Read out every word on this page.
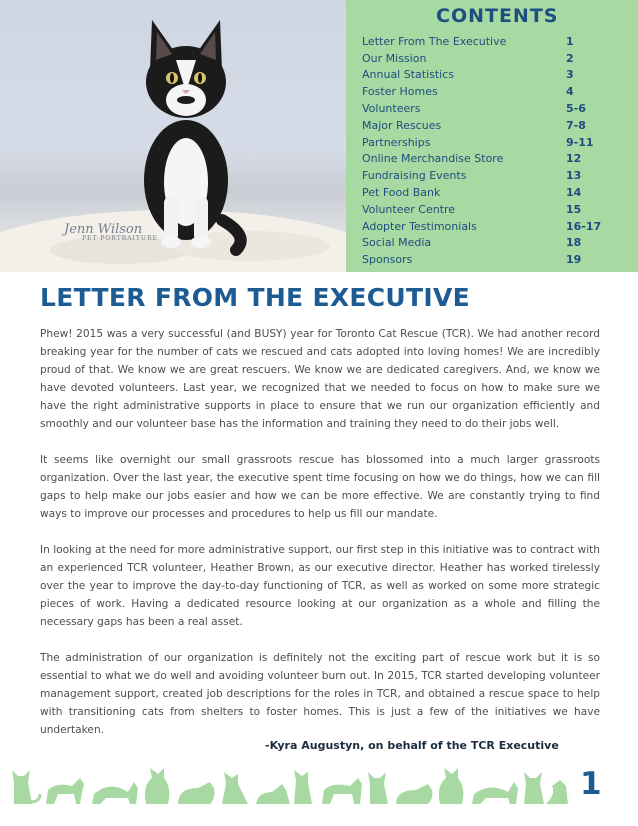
Jenn Wilson
PET PORTRAITURE
CONTENTS
Letter From The Executive	1
Our Mission	2
Annual Statistics	3
Foster Homes	4
Volunteers	5-6
Major Rescues	7-8
Partnerships	9-11
Online Merchandise Store	12
Fundraising Events	13
Pet Food Bank	14
Volunteer Centre	15
Adopter Testimonials	16-17
Social Media	18
Sponsors	19
LETTER FROM THE EXECUTIVE

Phew! 2015 was a very successful (and BUSY) year for Toronto Cat Rescue (TCR). We had another record breaking year for the number of cats we rescued and cats adopted into loving homes! We are incredibly proud of that. We know we are great rescuers. We know we are dedicated caregivers. And, we know we have devoted volunteers. Last year, we recognized that we needed to focus on how to make sure we have the right administrative supports in place to ensure that we run our organization efficiently and smoothly and our volunteer base has the information and training they need to do their jobs well.

It seems like overnight our small grassroots rescue has blossomed into a much larger grassroots organization. Over the last year, the executive spent time focusing on how we do things, how we can fill gaps to help make our jobs easier and how we can be more effective. We are constantly trying to find ways to improve our processes and procedures to help us fill our mandate.

In looking at the need for more administrative support, our first step in this initiative was to contract with an experienced TCR volunteer, Heather Brown, as our executive director. Heather has worked tirelessly over the year to improve the day-to-day functioning of TCR, as well as worked on some more strategic pieces of work. Having a dedicated resource looking at our organization as a whole and filling the necessary gaps has been a real asset.

The administration of our organization is definitely not the exciting part of rescue work but it is so essential to what we do well and avoiding volunteer burn out. In 2015, TCR started developing volunteer management support, created job descriptions for the roles in TCR, and obtained a rescue space to help with transitioning cats from shelters to foster homes. This is just a few of the initiatives we have undertaken.

-Kyra Augustyn, on behalf of the TCR Executive
1
